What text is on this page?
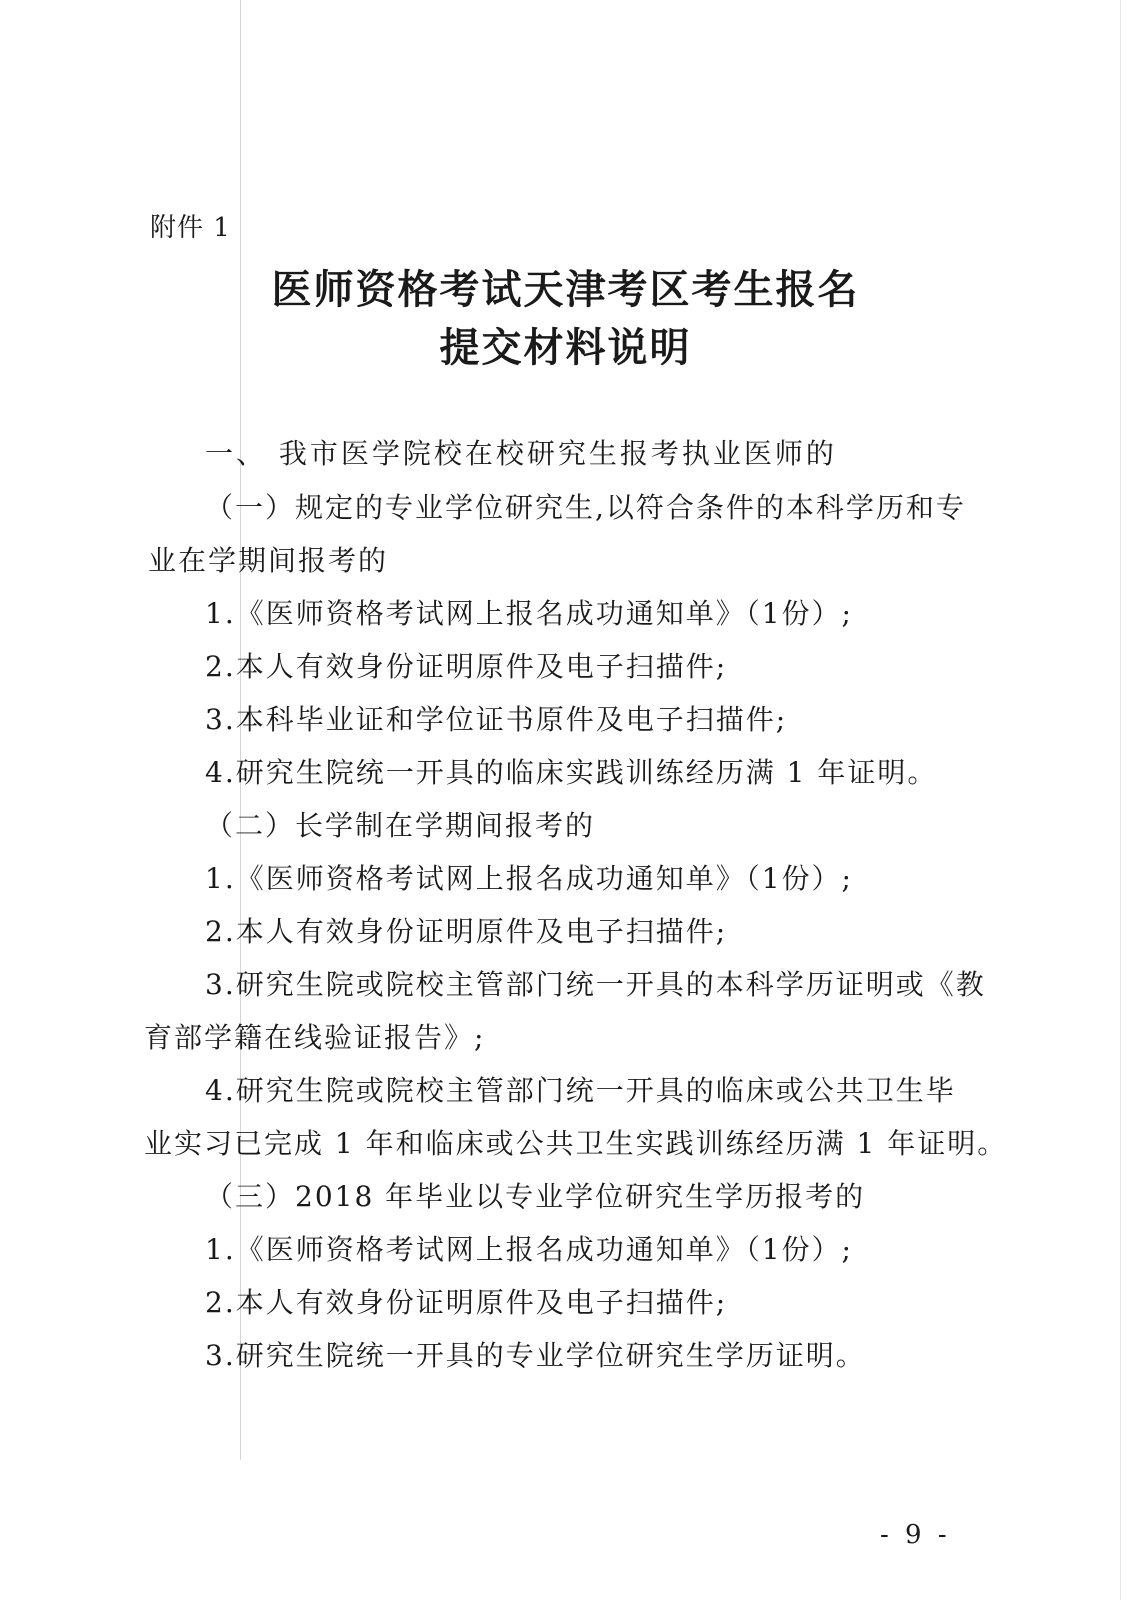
附件 1
医师资格考试天津考区考生报名
提交材料说明
一、 我市医学院校在校研究生报考执业医师的
（一）规定的专业学位研究生,以符合条件的本科学历和专
业在学期间报考的
1.《医师资格考试网上报名成功通知单》（1份）;
2.本人有效身份证明原件及电子扫描件;
3.本科毕业证和学位证书原件及电子扫描件;
4.研究生院统一开具的临床实践训练经历满 1 年证明。
（二）长学制在学期间报考的
1.《医师资格考试网上报名成功通知单》（1份）;
2.本人有效身份证明原件及电子扫描件;
3.研究生院或院校主管部门统一开具的本科学历证明或《教
育部学籍在线验证报告》;
4.研究生院或院校主管部门统一开具的临床或公共卫生毕
业实习已完成 1 年和临床或公共卫生实践训练经历满 1 年证明。
（三）2018 年毕业以专业学位研究生学历报考的
1.《医师资格考试网上报名成功通知单》（1份）;
2.本人有效身份证明原件及电子扫描件;
3.研究生院统一开具的专业学位研究生学历证明。
- 9 -
